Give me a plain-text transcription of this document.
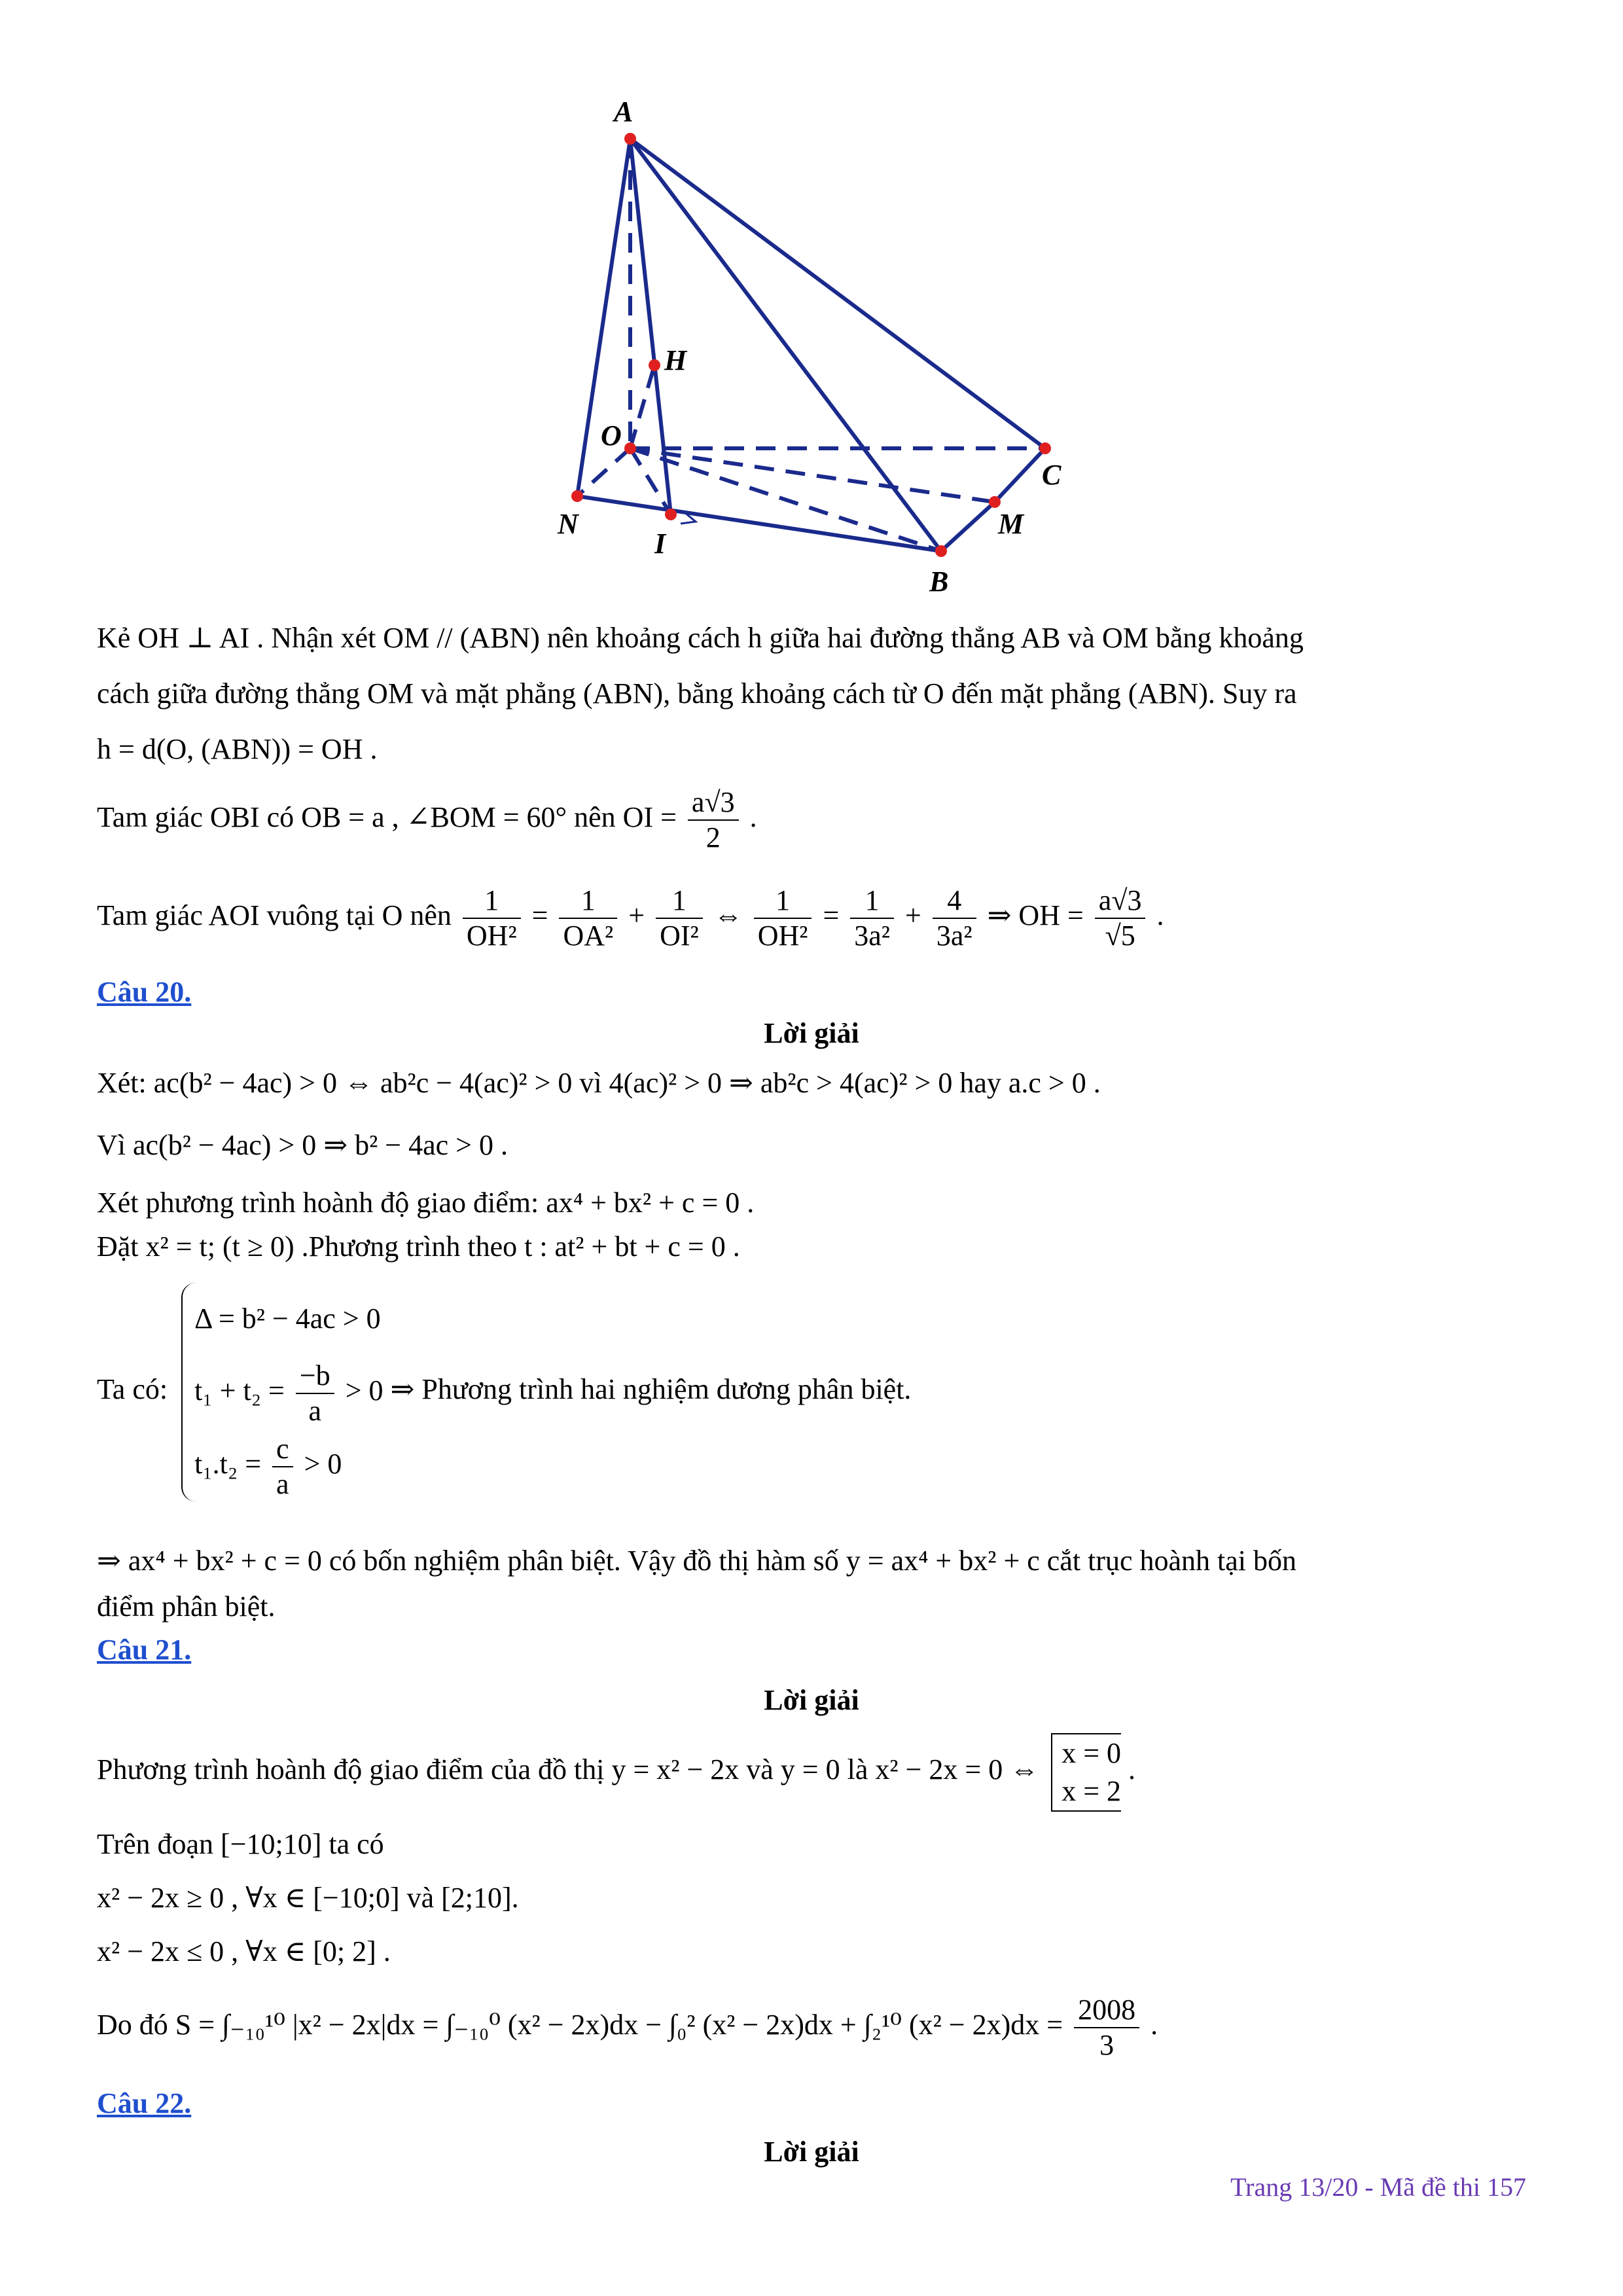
A
H
O
C
N
I
M
B
Kẻ OH ⊥ AI . Nhận xét OM // (ABN) nên khoảng cách h giữa hai đường thẳng AB và OM bằng khoảng
cách giữa đường thẳng OM và mặt phẳng (ABN), bằng khoảng cách từ O đến mặt phẳng (ABN). Suy ra
h = d(O, (ABN)) = OH .
Tam giác OBI có OB = a , ∠BOM = 60° nên OI = $\frac{a√3}{2}$ .
Tam giác AOI vuông tại O nên $\frac{1}{\text{OH²}} = \frac{1}{\text{OA²}} + \frac{1}{\text{OI²}}$ ⇔ $\frac{1}{\text{OH²}} = \frac{1}{\text{3a²}} + \frac{4}{\text{3a²}}$ ⇒ OH = $\frac{a√3}{√5}$ .
Câu 20.
Lời giải
Xét: ac(b² − 4ac) > 0 ⇔ ab²c − 4(ac)² > 0 vì 4(ac)² > 0 ⇒ ab²c > 4(ac)² > 0 hay a.c > 0 .
Vì ac(b² − 4ac) > 0 ⇒ b² − 4ac > 0 .
Xét phương trình hoành độ giao điểm: ax⁴ + bx² + c = 0 .
Đặt x² = t; (t ≥ 0) .Phương trình theo t : at² + bt + c = 0 .
Ta có:
Δ = b² − 4ac > 0
$t_1 + t_2 = \frac{-b}{a} > 0$
$t_1.t_2 = \frac{c}{a} > 0$
⇒ Phương trình hai nghiệm dương phân biệt.
⇒ ax⁴ + bx² + c = 0 có bốn nghiệm phân biệt. Vậy đồ thị hàm số y = ax⁴ + bx² + c cắt trục hoành tại bốn
điểm phân biệt.
Câu 21.
Lời giải
Phương trình hoành độ giao điểm của đồ thị y = x² − 2x và y = 0 là x² − 2x = 0 ⇔
x = 0
x = 2
.
Trên đoạn [−10;10] ta có
x² − 2x ≥ 0 , ∀x ∈ [−10;0] và [2;10].
x² − 2x ≤ 0 , ∀x ∈ [0; 2] .
Do đó S = ∫₋₁₀¹⁰ |x² − 2x|dx = ∫₋₁₀⁰ (x² − 2x)dx − ∫₀² (x² − 2x)dx + ∫₂¹⁰ $(x^2 - 2x)dx = \frac{2008}{3}$ .
Câu 22.
Lời giải
Trang 13/20 - Mã đề thi 157
